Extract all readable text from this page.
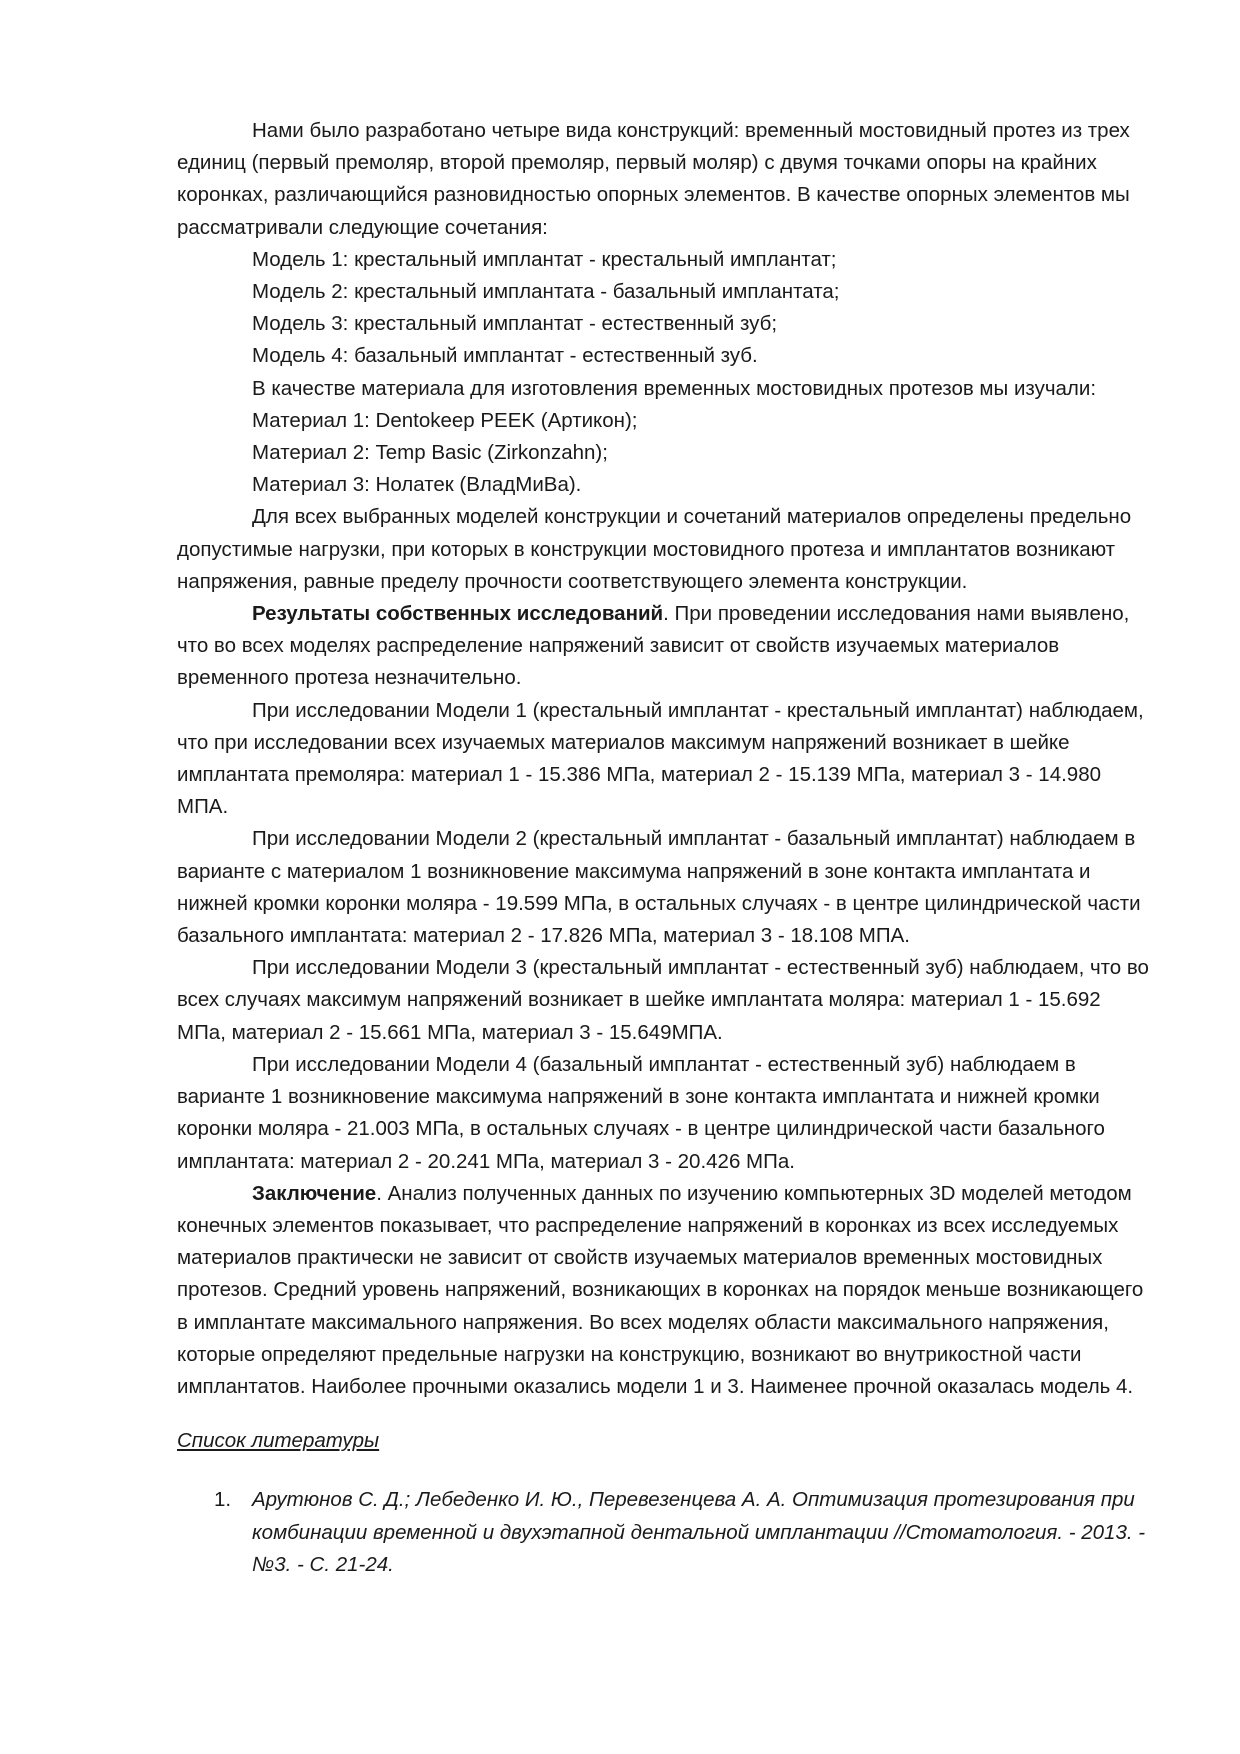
Нами было разработано четыре вида конструкций: временный мостовидный протез из трех единиц (первый премоляр, второй премоляр, первый моляр) с двумя точками опоры на крайних коронках, различающийся разновидностью опорных элементов. В качестве опорных элементов мы рассматривали следующие сочетания:

Модель 1: крестальный имплантат - крестальный имплантат;

Модель 2: крестальный имплантата - базальный имплантата;

Модель 3: крестальный имплантат - естественный зуб;

Модель 4: базальный имплантат - естественный зуб.

В качестве материала для изготовления временных мостовидных протезов мы изучали:

Материал 1: Dentokeep PEEK (Артикон);

Материал 2: Temp Basic (Zirkonzahn);

Материал 3: Нолатек (ВладМиВа).

Для всех выбранных моделей конструкции и сочетаний материалов определены предельно допустимые нагрузки, при которых в конструкции мостовидного протеза и имплантатов возникают напряжения, равные пределу прочности соответствующего элемента конструкции.

Результаты собственных исследований. При проведении исследования нами выявлено, что во всех моделях распределение напряжений зависит от свойств изучаемых материалов временного протеза незначительно.

При исследовании Модели 1 (крестальный имплантат - крестальный имплантат) наблюдаем, что при исследовании всех изучаемых материалов максимум напряжений возникает в шейке имплантата премоляра: материал 1 - 15.386 МПа, материал 2 - 15.139 МПа, материал 3 - 14.980 МПА.

При исследовании Модели 2 (крестальный имплантат - базальный имплантат) наблюдаем в варианте с материалом 1 возникновение максимума напряжений в зоне контакта имплантата и нижней кромки коронки моляра - 19.599 МПа, в остальных случаях - в центре цилиндрической части базального имплантата: материал 2 - 17.826 МПа, материал 3 - 18.108 МПА.

При исследовании Модели 3 (крестальный имплантат - естественный зуб) наблюдаем, что во всех случаях максимум напряжений возникает в шейке имплантата моляра: материал 1 - 15.692 МПа, материал 2 - 15.661 МПа, материал 3 - 15.649МПА.

При исследовании Модели 4 (базальный имплантат - естественный зуб) наблюдаем в варианте 1 возникновение максимума напряжений в зоне контакта имплантата и нижней кромки коронки моляра - 21.003 МПа, в остальных случаях - в центре цилиндрической части базального имплантата: материал 2 - 20.241 МПа, материал 3 - 20.426 МПа.

Заключение. Анализ полученных данных по изучению компьютерных 3D моделей методом конечных элементов показывает, что распределение напряжений в коронках из всех исследуемых материалов практически не зависит от свойств изучаемых материалов временных мостовидных протезов. Средний уровень напряжений, возникающих в коронках на порядок меньше возникающего в имплантате максимального напряжения. Во всех моделях области максимального напряжения, которые определяют предельные нагрузки на конструкцию, возникают во внутрикостной части имплантатов. Наиболее прочными оказались модели 1 и 3. Наименее прочной оказалась модель 4.

Список литературы

1. Арутюнов С. Д.; Лебеденко И. Ю., Перевезенцева А. А. Оптимизация протезирования при комбинации временной и двухэтапной дентальной имплантации //Стоматология. - 2013. - №3. - С. 21-24.
